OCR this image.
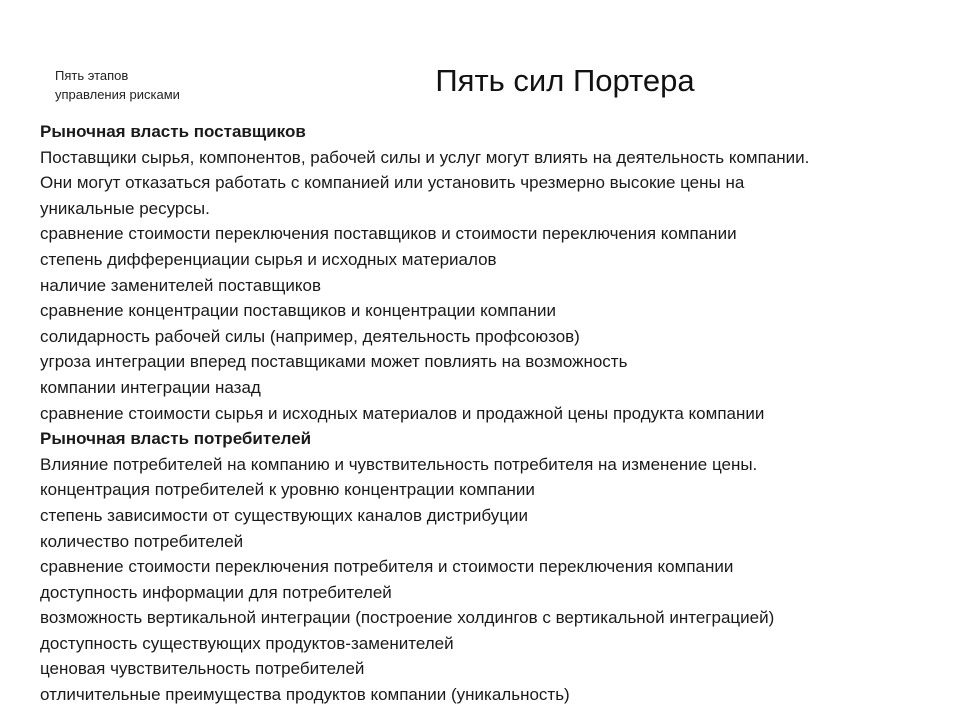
Пять этапов
управления рисками	Пять сил Портера
Рыночная власть поставщиков
Поставщики сырья, компонентов, рабочей силы и услуг могут влиять на деятельность компании.
Они могут отказаться работать с компанией или установить чрезмерно высокие цены на
уникальные ресурсы.
сравнение стоимости переключения поставщиков и стоимости переключения компании
степень дифференциации сырья и исходных материалов
наличие заменителей поставщиков
сравнение концентрации поставщиков и концентрации компании
солидарность рабочей силы (например, деятельность профсоюзов)
угроза интеграции вперед поставщиками может повлиять на возможность
компании интеграции назад
сравнение стоимости сырья и исходных материалов и продажной цены продукта компании
Рыночная власть потребителей
Влияние потребителей на компанию и чувствительность потребителя на изменение цены.
концентрация потребителей к уровню концентрации компании
степень зависимости от существующих каналов дистрибуции
количество потребителей
сравнение стоимости переключения потребителя и стоимости переключения компании
доступность информации для потребителей
возможность вертикальной интеграции (построение холдингов с вертикальной интеграцией)
доступность существующих продуктов-заменителей
ценовая чувствительность потребителей
отличительные преимущества продуктов компании (уникальность)
